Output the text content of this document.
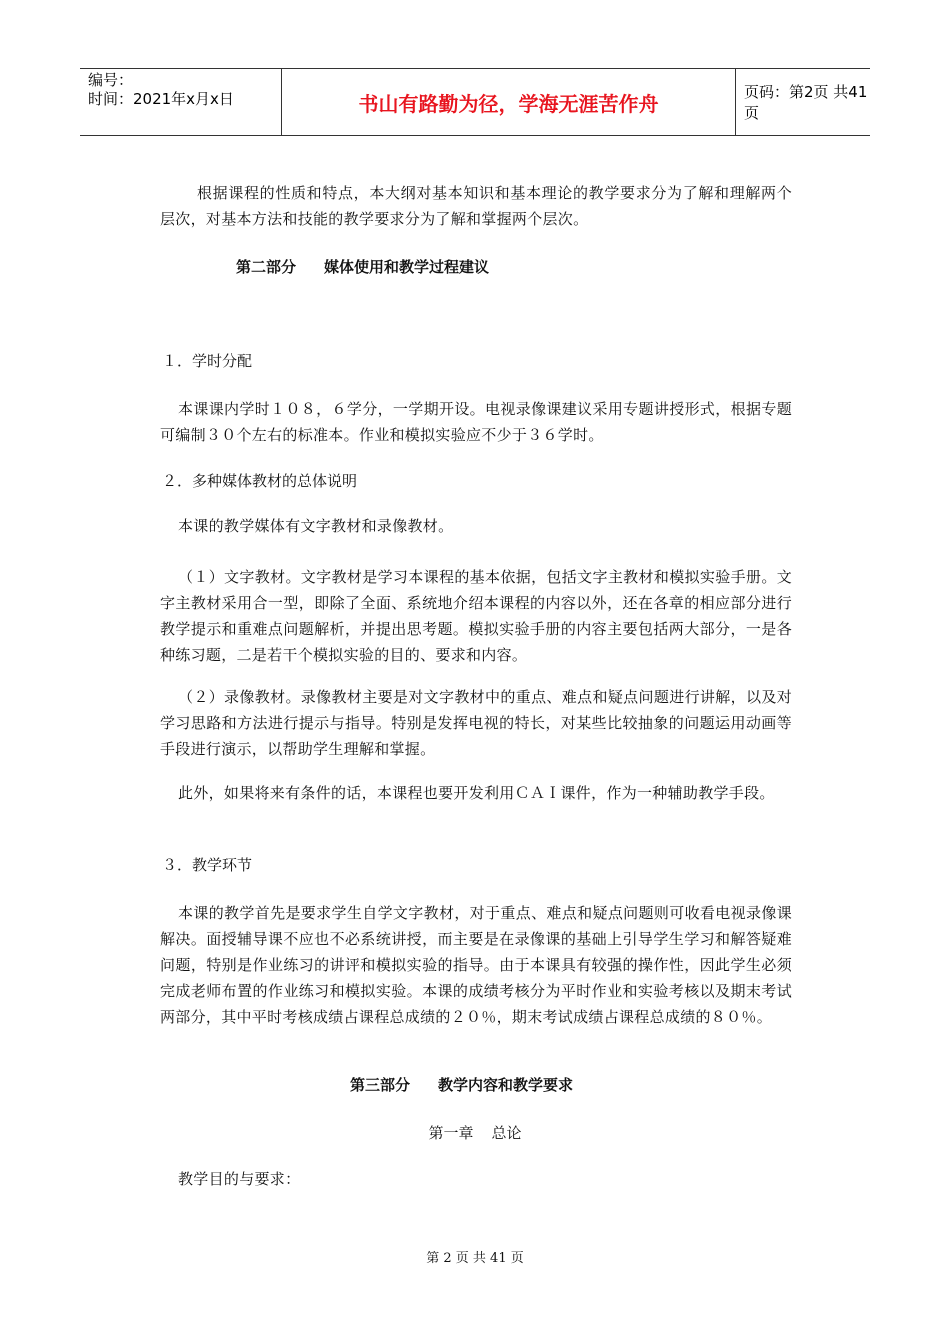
编号：
时间：2021年x月x日	书山有路勤为径，学海无涯苦作舟	页码：第2页 共41页

根据课程的性质和特点，本大纲对基本知识和基本理论的教学要求分为了解和理解两个层次，对基本方法和技能的教学要求分为了解和掌握两个层次。

第二部分 媒体使用和教学过程建议

１．学时分配

本课课内学时１０８，６学分，一学期开设。电视录像课建议采用专题讲授形式，根据专题可编制３０个左右的标准本。作业和模拟实验应不少于３６学时。

２．多种媒体教材的总体说明

本课的教学媒体有文字教材和录像教材。

（１）文字教材。文字教材是学习本课程的基本依据，包括文字主教材和模拟实验手册。文字主教材采用合一型，即除了全面、系统地介绍本课程的内容以外，还在各章的相应部分进行教学提示和重难点问题解析，并提出思考题。模拟实验手册的内容主要包括两大部分，一是各种练习题，二是若干个模拟实验的目的、要求和内容。

（２）录像教材。录像教材主要是对文字教材中的重点、难点和疑点问题进行讲解，以及对学习思路和方法进行提示与指导。特别是发挥电视的特长，对某些比较抽象的问题运用动画等手段进行演示，以帮助学生理解和掌握。

此外，如果将来有条件的话，本课程也要开发利用ＣＡＩ课件，作为一种辅助教学手段。

３．教学环节

本课的教学首先是要求学生自学文字教材，对于重点、难点和疑点问题则可收看电视录像课解决。面授辅导课不应也不必系统讲授，而主要是在录像课的基础上引导学生学习和解答疑难问题，特别是作业练习的讲评和模拟实验的指导。由于本课具有较强的操作性，因此学生必须完成老师布置的作业练习和模拟实验。本课的成绩考核分为平时作业和实验考核以及期末考试两部分，其中平时考核成绩占课程总成绩的２０％，期末考试成绩占课程总成绩的８０％。

第三部分 教学内容和教学要求

第一章 总论

教学目的与要求：

第 2 页 共 41 页
